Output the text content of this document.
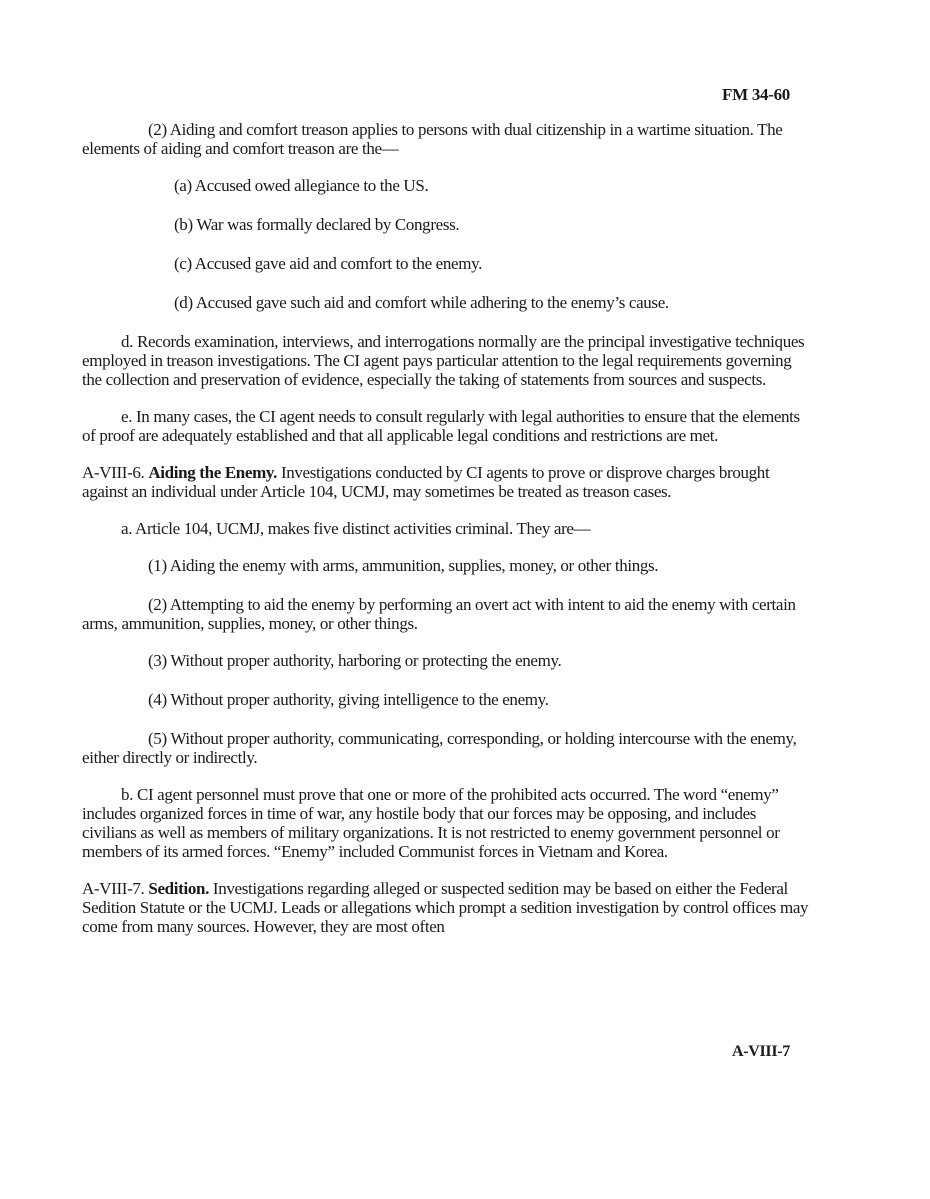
FM 34-60

(2) Aiding and comfort treason applies to persons with dual citizenship in a wartime situation. The elements of aiding and comfort treason are the—

(a) Accused owed allegiance to the US.

(b) War was formally declared by Congress.

(c) Accused gave aid and comfort to the enemy.

(d) Accused gave such aid and comfort while adhering to the enemy’s cause.

d. Records examination, interviews, and interrogations normally are the principal investigative techniques employed in treason investigations. The CI agent pays particular attention to the legal requirements governing the collection and preservation of evidence, especially the taking of statements from sources and suspects.

e. In many cases, the CI agent needs to consult regularly with legal authorities to ensure that the elements of proof are adequately established and that all applicable legal conditions and restrictions are met.

A-VIII-6. Aiding the Enemy. Investigations conducted by CI agents to prove or disprove charges brought against an individual under Article 104, UCMJ, may sometimes be treated as treason cases.

a. Article 104, UCMJ, makes five distinct activities criminal. They are—

(1) Aiding the enemy with arms, ammunition, supplies, money, or other things.

(2) Attempting to aid the enemy by performing an overt act with intent to aid the enemy with certain arms, ammunition, supplies, money, or other things.

(3) Without proper authority, harboring or protecting the enemy.

(4) Without proper authority, giving intelligence to the enemy.

(5) Without proper authority, communicating, corresponding, or holding intercourse with the enemy, either directly or indirectly.

b. CI agent personnel must prove that one or more of the prohibited acts occurred. The word “enemy” includes organized forces in time of war, any hostile body that our forces may be opposing, and includes civilians as well as members of military organizations. It is not restricted to enemy government personnel or members of its armed forces. “Enemy” included Communist forces in Vietnam and Korea.

A-VIII-7. Sedition. Investigations regarding alleged or suspected sedition may be based on either the Federal Sedition Statute or the UCMJ. Leads or allegations which prompt a sedition investigation by control offices may come from many sources. However, they are most often

A-VIII-7
